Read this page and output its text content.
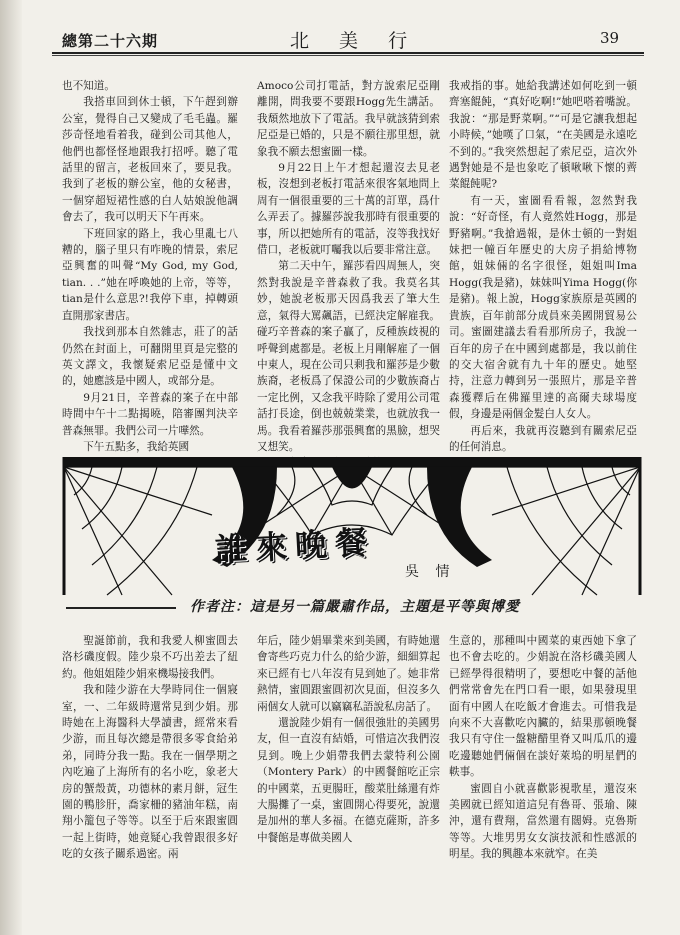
總第二十六期	北 美 行	39

也不知道。

我搭車回到休士頓，下午趕到辦公室，覺得自己又變成了毛毛蟲。羅莎奇怪地看着我，碰到公司其他人，他們也都怪怪地跟我打招呼。聽了電話里的留言，老板回來了，要見我。我到了老板的辦公室，他的女秘書，一個穿超短裙性感的白人姑娘說他調會去了，我可以明天下午再來。

下班回家的路上，我心里亂七八糟的，腦子里只有咋晚的情景，索尼亞興奮的叫聲“My God, my God, tian. . .”她在呼喚她的上帝，等等，tian是什么意思?!我停下車，掉轉頭直開那家書店。

我找到那本自然雜志，莊了的話仍然在封面上，可翻開里頁是完整的英文譯文，我懷疑索尼亞是懂中文的，她應該是中國人，或部分是。

9月21日，辛普森的案子在中部時間中午十二點揭曉，陪審團判決辛普森無罪。我們公司一片嘩然。

下午五點多，我給英國

Amoco公司打電話，對方說索尼亞剛離開，問我要不要跟Hogg先生講話。我頹然地放下了電話。我早就該猜到索尼亞是已婚的，只是不願往那里想，就象我不願去想蜜圖一樣。

9月22日上午才想起還沒去見老板，沒想到老板打電話來很客氣地問上周有一個很重要的三十萬的訂單，爲什么弄丟了。據羅莎說我那時有很重要的事，所以把她所有的電話，沒等我找好借口，老板就叮囑我以后要非常注意。

第二天中午，羅莎看四周無人，突然對我說是辛普森救了我。我莫名其妙，她說老板那天因爲我丟了筆大生意，氣得大罵飆語，已經決定解雇我。碰巧辛普森的案子贏了，反種族歧視的呼聲到處都是。老板上月剛解雇了一個中東人，現在公司只剩我和羅莎是少數族裔，老板爲了保證公司的少數族裔占一定比例，又念我平時除了愛用公司電話打長途，倒也兢兢業業，也就放我一馬。我看着羅莎那張興奮的黑臉，想哭又想笑。

我戒指的事。她給我講述如何吃到一頓齊塞餛飩，“真好吃啊!”她吧嗒着嘴說。我說：“那是野菜啊。”“可是它讓我想起小時候，”她嘆了口氣，“在美國是永遠吃不到的。”我突然想起了索尼亞，這次外遇對她是不是也象吃了頓啾啾下懷的薺菜餛飩呢?

有一天，蜜圖看看報，忽然對我說：“好奇怪，有人竟然姓Hogg，那是野豬啊。”我搶過報，是休士頓的一對姐妹把一幢百年歷史的大房子捐給博物館，姐妹倆的名字很怪，姐姐叫Ima Hogg(我是豬)，妹妹叫Yima Hogg(你是豬)。報上說，Hogg家族原是英國的貴族，百年前部分成員來美國開貿易公司。蜜圖建議去看看那所房子，我說一百年的房子在中國到處都是，我以前住的交大宿舍就有九十年的歷史。她堅持，注意力轉到另一張照片，那是辛普森獲釋后在佛羅里達的高爾夫球場度假，身邊是兩個金髮白人女人。

再后來，我就再沒聽到有關索尼亞的任何消息。

誰來晚餐
吳 情
作者注：這是另一篇嚴肅作品，主題是平等與博愛

聖誕節前，我和我愛人柳蜜圓去洛杉磯度假。陸少泉不巧出差去了紐約。他姐姐陸少娟來機場接我們。

我和陸少游在大學時同住一個寢室，一、二年級時還常見到少娟。那時她在上海醫科大學讀書，經常來看少游，而且每次總是帶很多零食給弟弟，同時分我一點。我在一個學期之內吃遍了上海所有的名小吃，象老大房的蟹殼黃，功德林的素月餅，冠生園的鴨胗肝，喬家柵的豬油年糕，南翔小籠包子等等。以至于后來跟蜜圓一起上街時，她竟疑心我曾跟很多好吃的女孩子關系過密。兩

年后，陸少娟畢業來到美國，有時她還會寄些巧克力什么的給少游，細細算起來已經有七八年沒有見到她了。她非常熱情，蜜圓跟蜜圓初次見面，但沒多久兩個女人就可以竊竊私語說私房話了。

還說陸少娟有一個很強壯的美國男友，但一直沒有結婚，可惜這次我們沒見到。晚上少娟帶我們去蒙特利公園（Montery Park）的中國餐館吃正宗的中國菜，五更腸旺，酸菜肚絲還有炸大腸攤了一桌，蜜圓開心得要死，說還是加州的華人多福。在德克薩斯，許多中餐館是專做美國人

生意的，那種叫中國菜的東西她下拿了也不會去吃的。少娟說在洛杉磯美國人已經學得很精明了，要想吃中餐的話他們常常會先在門口看一眼，如果發現里面有中國人在吃飯才會進去。可惜我是向來不大喜歡吃內臟的，結果那頓晚餐我只有守住一盤糖醋里脊又叫瓜爪的邊吃邊聽她們倆個在談好萊塢的明星們的軼事。

蜜圓自小就喜歡影視歌星，還沒來美國就已經知道這兒有魯哥、張瑜、陳沖，還有費翔，當然還有闊姆。克魯斯等等。大堆男男女女演技派和性感派的明星。我的興趣本來就窄。在美
